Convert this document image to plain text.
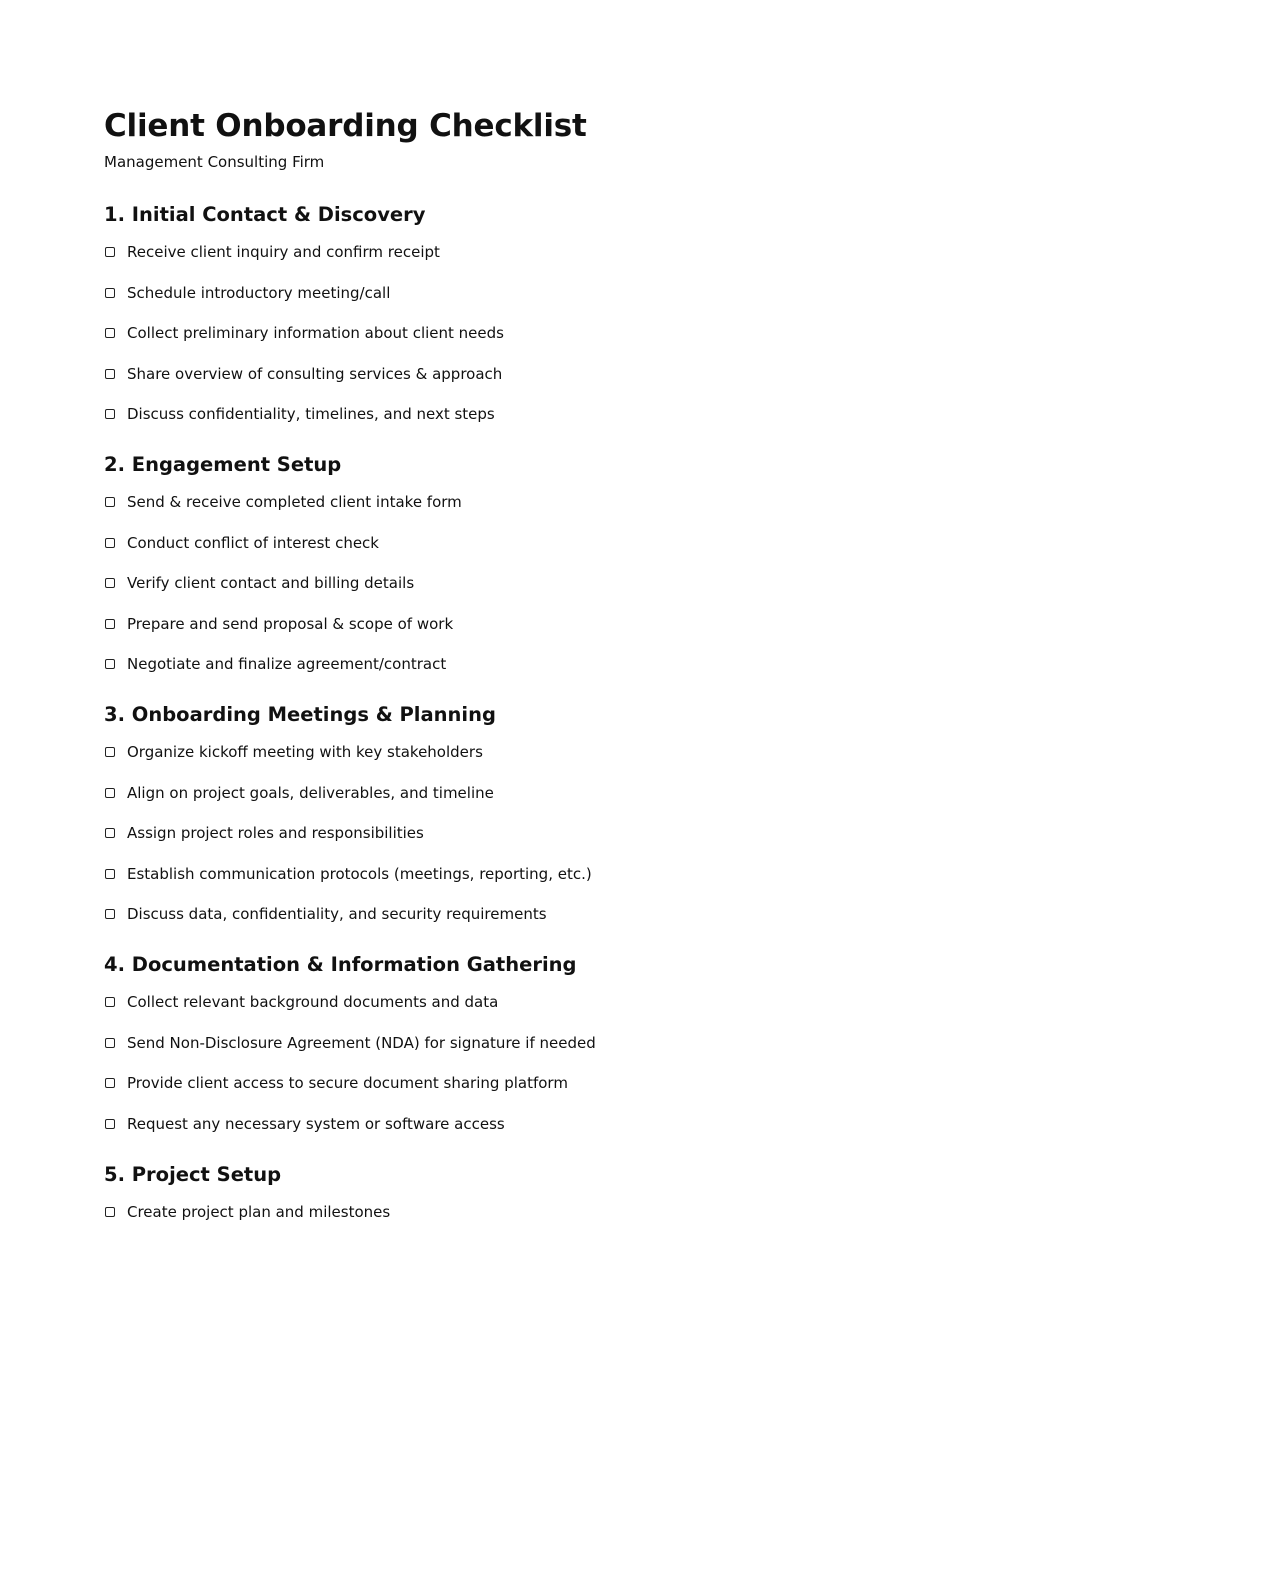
Client Onboarding Checklist

Management Consulting Firm

1. Initial Contact & Discovery
Receive client inquiry and confirm receipt
Schedule introductory meeting/call
Collect preliminary information about client needs
Share overview of consulting services & approach
Discuss confidentiality, timelines, and next steps
2. Engagement Setup
Send & receive completed client intake form
Conduct conflict of interest check
Verify client contact and billing details
Prepare and send proposal & scope of work
Negotiate and finalize agreement/contract
3. Onboarding Meetings & Planning
Organize kickoff meeting with key stakeholders
Align on project goals, deliverables, and timeline
Assign project roles and responsibilities
Establish communication protocols (meetings, reporting, etc.)
Discuss data, confidentiality, and security requirements
4. Documentation & Information Gathering
Collect relevant background documents and data
Send Non-Disclosure Agreement (NDA) for signature if needed
Provide client access to secure document sharing platform
Request any necessary system or software access
5. Project Setup
Create project plan and milestones
